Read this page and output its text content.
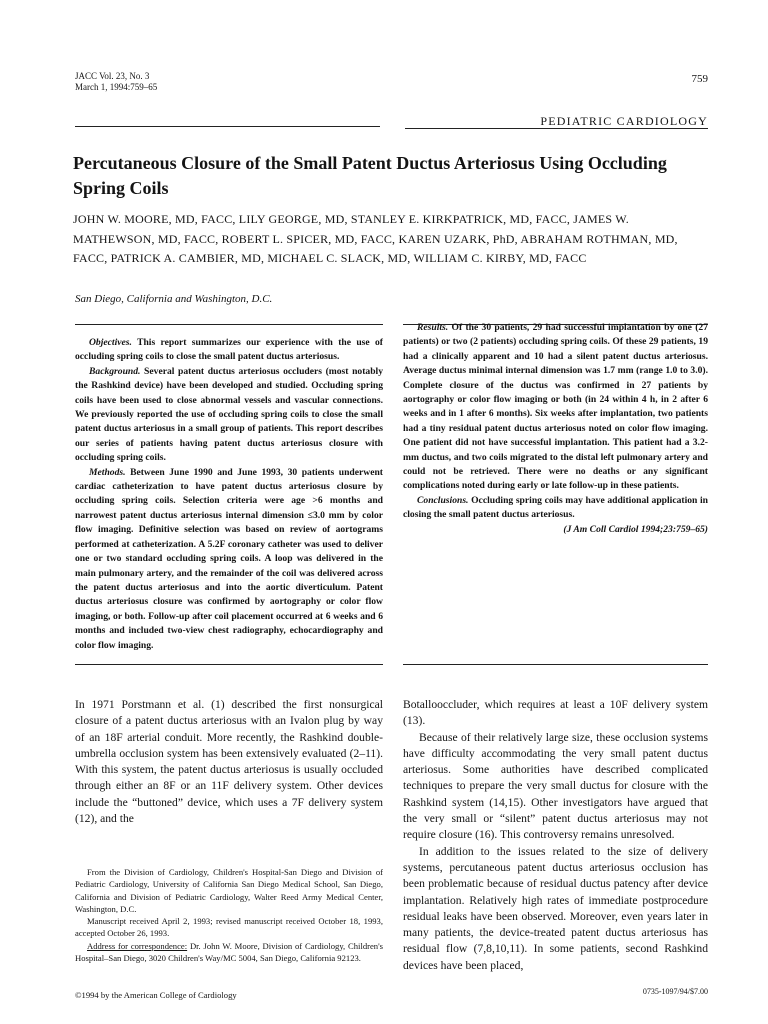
JACC Vol. 23, No. 3
March 1, 1994:759–65
759
PEDIATRIC CARDIOLOGY
Percutaneous Closure of the Small Patent Ductus Arteriosus Using Occluding Spring Coils
JOHN W. MOORE, MD, FACC, LILY GEORGE, MD, STANLEY E. KIRKPATRICK, MD, FACC, JAMES W. MATHEWSON, MD, FACC, ROBERT L. SPICER, MD, FACC, KAREN UZARK, PhD, ABRAHAM ROTHMAN, MD, FACC, PATRICK A. CAMBIER, MD, MICHAEL C. SLACK, MD, WILLIAM C. KIRBY, MD, FACC
San Diego, California and Washington, D.C.

Objectives. This report summarizes our experience with the use of occluding spring coils to close the small patent ductus arteriosus.

Background. Several patent ductus arteriosus occluders (most notably the Rashkind device) have been developed and studied. Occluding spring coils have been used to close abnormal vessels and vascular connections. We previously reported the use of occluding spring coils to close the small patent ductus arteriosus in a small group of patients. This report describes our series of patients having patent ductus arteriosus closure with occluding spring coils.

Methods. Between June 1990 and June 1993, 30 patients underwent cardiac catheterization to have patent ductus arteriosus closure by occluding spring coils. Selection criteria were age >6 months and narrowest patent ductus arteriosus internal dimension ≤3.0 mm by color flow imaging. Definitive selection was based on review of aortograms performed at catheterization. A 5.2F coronary catheter was used to deliver one or two standard occluding spring coils. A loop was delivered in the main pulmonary artery, and the remainder of the coil was delivered across the patent ductus arteriosus and into the aortic diverticulum. Patent ductus arteriosus closure was confirmed by aortography or color flow imaging, or both. Follow-up after coil placement occurred at 6 weeks and 6 months and included two-view chest radiography, echocardiography and color flow imaging.

Results. Of the 30 patients, 29 had successful implantation by one (27 patients) or two (2 patients) occluding spring coils. Of these 29 patients, 19 had a clinically apparent and 10 had a silent patent ductus arteriosus. Average ductus minimal internal dimension was 1.7 mm (range 1.0 to 3.0). Complete closure of the ductus was confirmed in 27 patients by aortography or color flow imaging or both (in 24 within 4 h, in 2 after 6 weeks and in 1 after 6 months). Six weeks after implantation, two patients had a tiny residual patent ductus arteriosus noted on color flow imaging. One patient did not have successful implantation. This patient had a 3.2-mm ductus, and two coils migrated to the distal left pulmonary artery and could not be retrieved. There were no deaths or any significant complications noted during early or late follow-up in these patients.

Conclusions. Occluding spring coils may have additional application in closing the small patent ductus arteriosus.

(J Am Coll Cardiol 1994;23:759–65)

In 1971 Porstmann et al. (1) described the first nonsurgical closure of a patent ductus arteriosus with an Ivalon plug by way of an 18F arterial conduit. More recently, the Rashkind double-umbrella occlusion system has been extensively evaluated (2–11). With this system, the patent ductus arteriosus is usually occluded through either an 8F or an 11F delivery system. Other devices include the “buttoned” device, which uses a 7F delivery system (12), and the

Botallooccluder, which requires at least a 10F delivery system (13).

Because of their relatively large size, these occlusion systems have difficulty accommodating the very small patent ductus arteriosus. Some authorities have described complicated techniques to prepare the very small ductus for closure with the Rashkind system (14,15). Other investigators have argued that the very small or “silent” patent ductus arteriosus may not require closure (16). This controversy remains unresolved.

In addition to the issues related to the size of delivery systems, percutaneous patent ductus arteriosus occlusion has been problematic because of residual ductus patency after device implantation. Relatively high rates of immediate postprocedure residual leaks have been observed. Moreover, even years later in many patients, the device-treated patent ductus arteriosus has residual flow (7,8,10,11). In some patients, second Rashkind devices have been placed,

From the Division of Cardiology, Children's Hospital-San Diego and Division of Pediatric Cardiology, University of California San Diego Medical School, San Diego, California and Division of Pediatric Cardiology, Walter Reed Army Medical Center, Washington, D.C.

Manuscript received April 2, 1993; revised manuscript received October 18, 1993, accepted October 26, 1993.

Address for correspondence: Dr. John W. Moore, Division of Cardiology, Children's Hospital–San Diego, 3020 Children's Way/MC 5004, San Diego, California 92123.

©1994 by the American College of Cardiology	0735-1097/94/$7.00
